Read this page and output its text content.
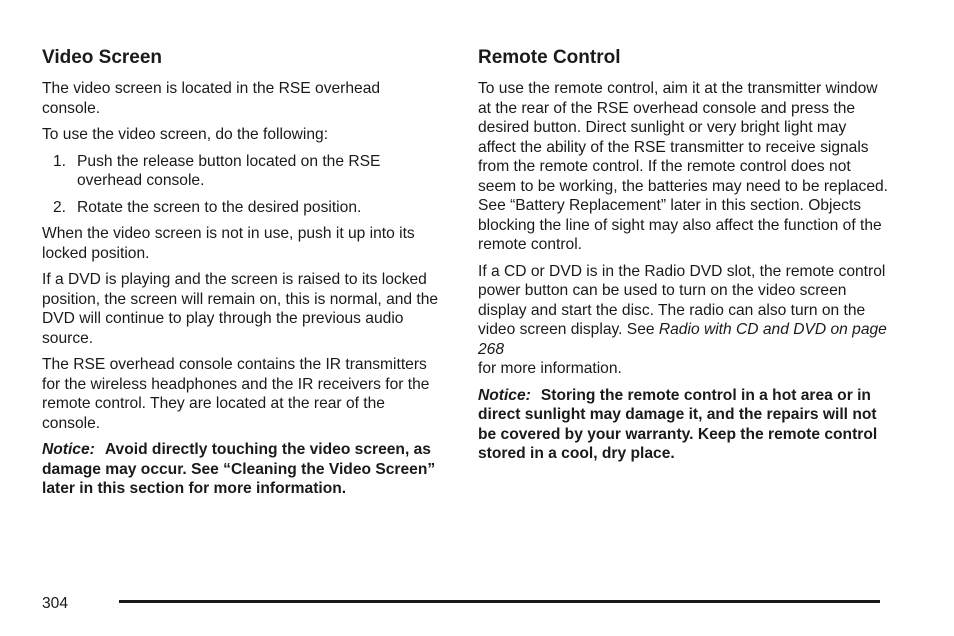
Video Screen

The video screen is located in the RSE overhead console.

To use the video screen, do the following:

1. Push the release button located on the RSE overhead console.
2. Rotate the screen to the desired position.

When the video screen is not in use, push it up into its locked position.

If a DVD is playing and the screen is raised to its locked position, the screen will remain on, this is normal, and the DVD will continue to play through the previous audio source.

The RSE overhead console contains the IR transmitters for the wireless headphones and the IR receivers for the remote control. They are located at the rear of the console.

Notice: Avoid directly touching the video screen, as damage may occur. See “Cleaning the Video Screen” later in this section for more information.

Remote Control

To use the remote control, aim it at the transmitter window at the rear of the RSE overhead console and press the desired button. Direct sunlight or very bright light may affect the ability of the RSE transmitter to receive signals from the remote control. If the remote control does not seem to be working, the batteries may need to be replaced. See “Battery Replacement” later in this section. Objects blocking the line of sight may also affect the function of the remote control.

If a CD or DVD is in the Radio DVD slot, the remote control power button can be used to turn on the video screen display and start the disc. The radio can also turn on the video screen display. See Radio with CD and DVD on page 268
for more information.

Notice: Storing the remote control in a hot area or in direct sunlight may damage it, and the repairs will not be covered by your warranty. Keep the remote control stored in a cool, dry place.

304
